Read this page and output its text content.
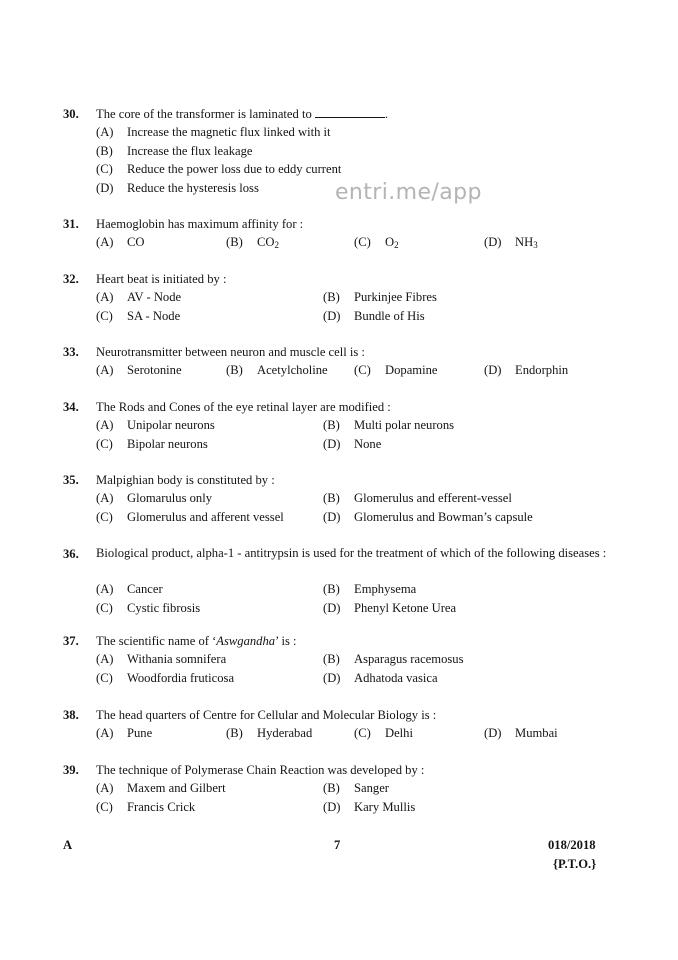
entri.me/app
30. The core of the transformer is laminated to	.
(A) Increase the magnetic flux linked with it
(B) Increase the flux leakage
(C) Reduce the power loss due to eddy current
(D) Reduce the hysteresis loss
31. Haemoglobin has maximum affinity for :
(A) CO	(B) $CO_2$	(C) $O_2$	(D) $NH_3$
32. Heart beat is initiated by :
(A) AV - Node	(B) Purkinjee Fibres
(C) SA - Node	(D) Bundle of His
33. Neurotransmitter between neuron and muscle cell is :
(A) Serotonine	(B) Acetylcholine (C) Dopamine	(D) Endorphin
34. The Rods and Cones of the eye retinal layer are modified :
(A) Unipolar neurons	(B) Multi polar neurons
(C) Bipolar neurons	(D) None
35. Malpighian body is constituted by :
(A) Glomarulus only	(B) Glomerulus and efferent-vessel
(C) Glomerulus and afferent vessel	(D) Glomerulus and Bowman’s capsule
36. Biological product, alpha-1 - antitrypsin is used for the treatment of which of the following diseases :
(A) Cancer	(B) Emphysema
(C) Cystic fibrosis	(D) Phenyl Ketone Urea
37. The scientific name of ‘Aswgandha’ is :
(A) Withania somnifera	(B) Asparagus racemosus
(C) Woodfordia fruticosa	(D) Adhatoda vasica
38. The head quarters of Centre for Cellular and Molecular Biology is :
(A) Pune	(B) Hyderabad	(C) Delhi	(D) Mumbai
39. The technique of Polymerase Chain Reaction was developed by :
(A) Maxem and Gilbert	(B) Sanger
(C) Francis Crick	(D) Kary Mullis
A	7	018/2018
{P.T.O.}
